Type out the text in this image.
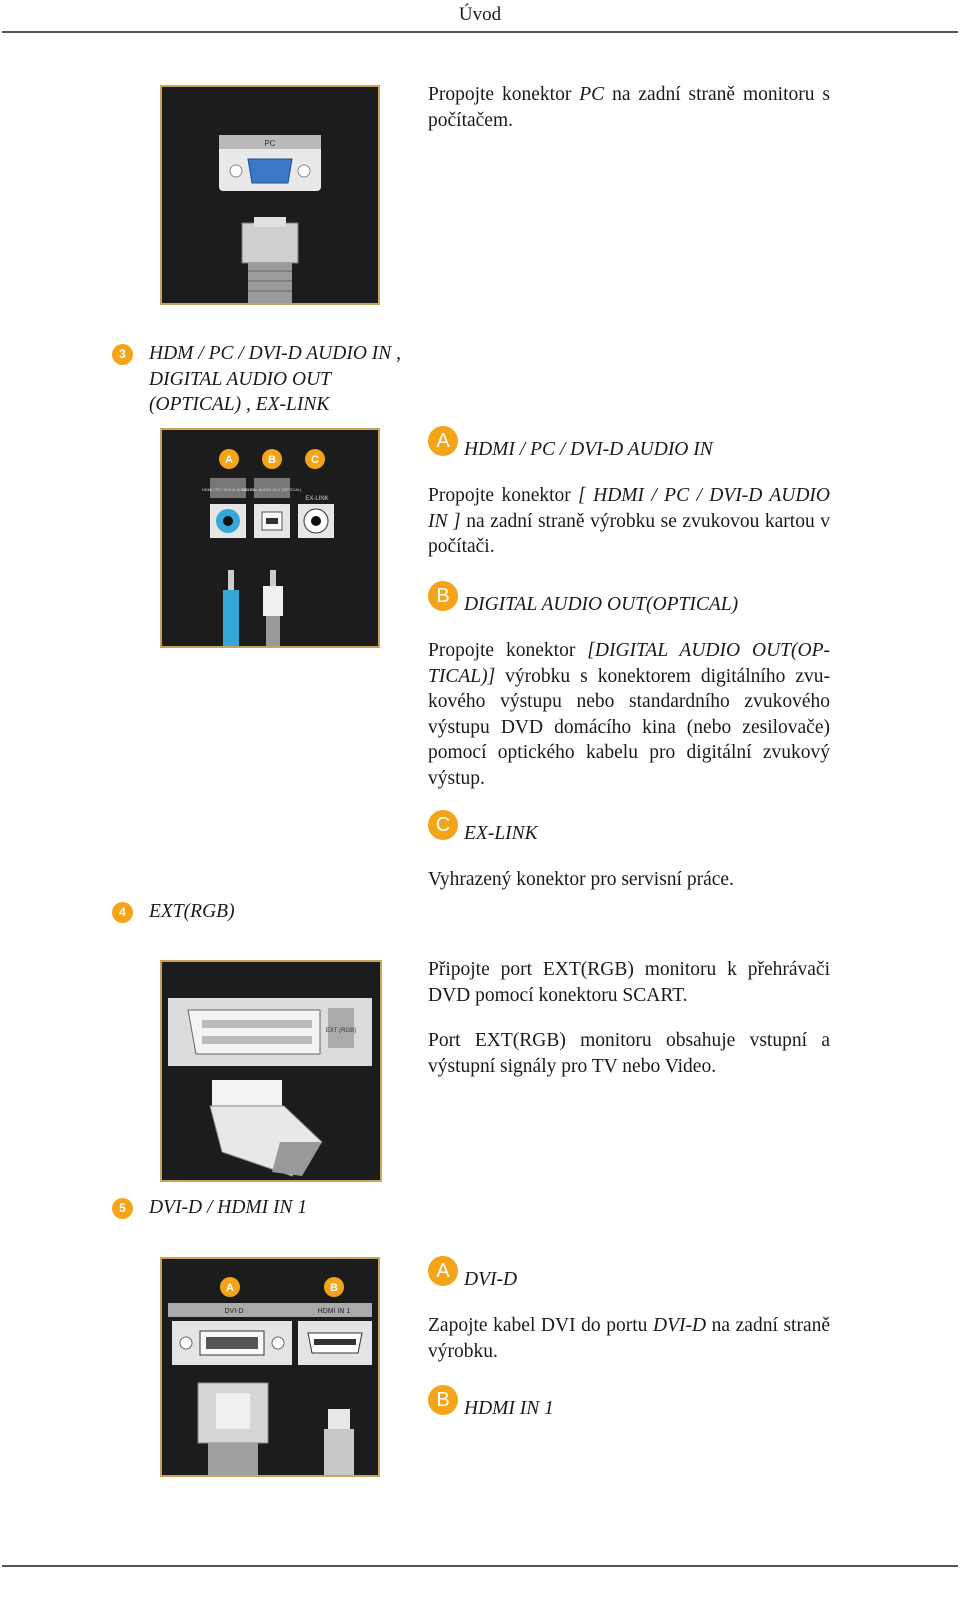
Úvod
PC
Propojte konektor PC na zadní straně monitoru s počítačem.
3	HDM / PC / DVI-D AUDIO IN , DIGITAL AUDIO OUT (OPTICAL) , EX-LINK
A	B	C
HDMI / PC / DVI-D AUDIO IN
DIGITAL AUDIO OUT (OPTICAL)
EX-LINK
A HDMI / PC / DVI-D AUDIO IN
Propojte konektor [ HDMI / PC / DVI-D AUDIO IN ] na zadní straně výrobku se zvukovou kartou v počítači.
B DIGITAL AUDIO OUT(OPTICAL)
Propojte konektor [DIGITAL AUDIO OUT(OP-TICAL)] výrobku s konektorem digitálního zvu-kového výstupu nebo standardního zvukového výstupu DVD domácího kina (nebo zesilovače) pomocí optického kabelu pro digitální zvukový výstup.
C EX-LINK
Vyhrazený konektor pro servisní práce.
4	EXT(RGB)
EXT (RGB)
Připojte port EXT(RGB) monitoru k přehrávači DVD pomocí konektoru SCART.
Port EXT(RGB) monitoru obsahuje vstupní a výstupní signály pro TV nebo Video.
5	DVI-D / HDMI IN 1
A	B
DVI-D	HDMI IN 1
A DVI-D
Zapojte kabel DVI do portu DVI-D na zadní straně výrobku.
B HDMI IN 1
